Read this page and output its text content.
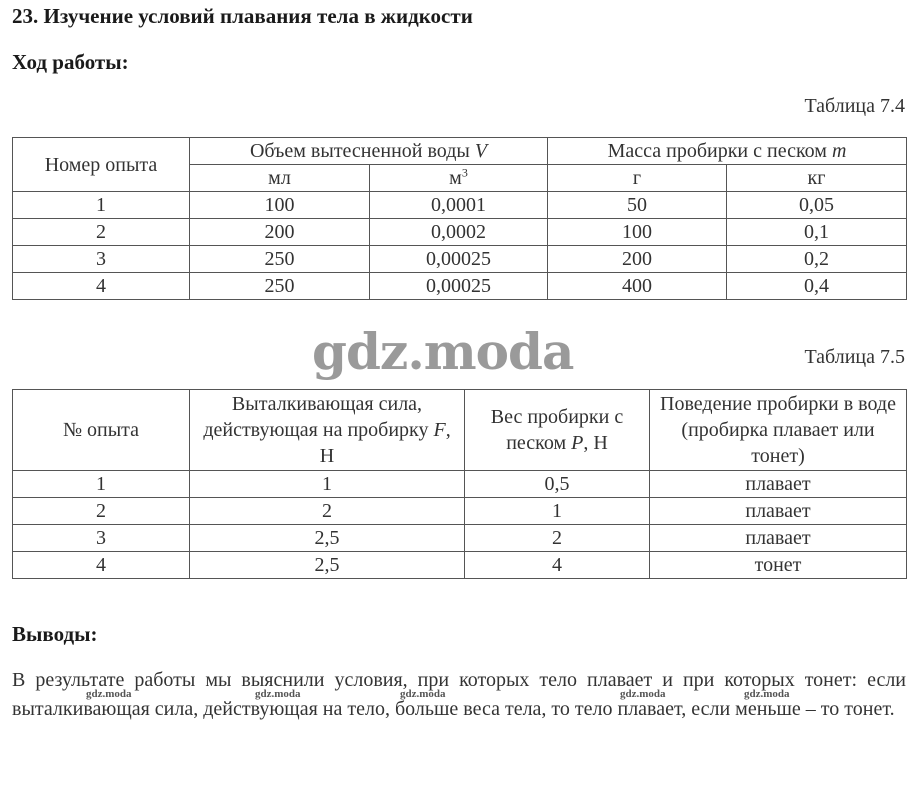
23. Изучение условий плавания тела в жидкости
Ход работы:
Таблица 7.4
Номер опыта	Объем вытесненной воды V		Масса пробирки с песком m	
	мл	$м^3$	г	кг
1	100	0,0001	50	0,05
2	200	0,0002	100	0,1
3	250	0,00025	200	0,2
4	250	0,00025	400	0,4
gdz.moda	Таблица 7.5
№ опыта	Выталкивающая сила, действующая на пробирку F, Н	Вес пробирки с песком P, Н	Поведение пробирки в воде (пробирка плавает или тонет)
1	1	0,5	плавает
2	2	1	плавает
3	2,5	2	плавает
4	2,5	4	тонет
Выводы:
В результате работы мы выяснили условия, при которых тело плавает и при которых тонет: если выталкивающая сила, действующая на тело, больше веса тела, то тело плавает, если меньше – то тонет.
gdz.moda	gdz.moda	gdz.moda	gdz.moda	gdz.moda
